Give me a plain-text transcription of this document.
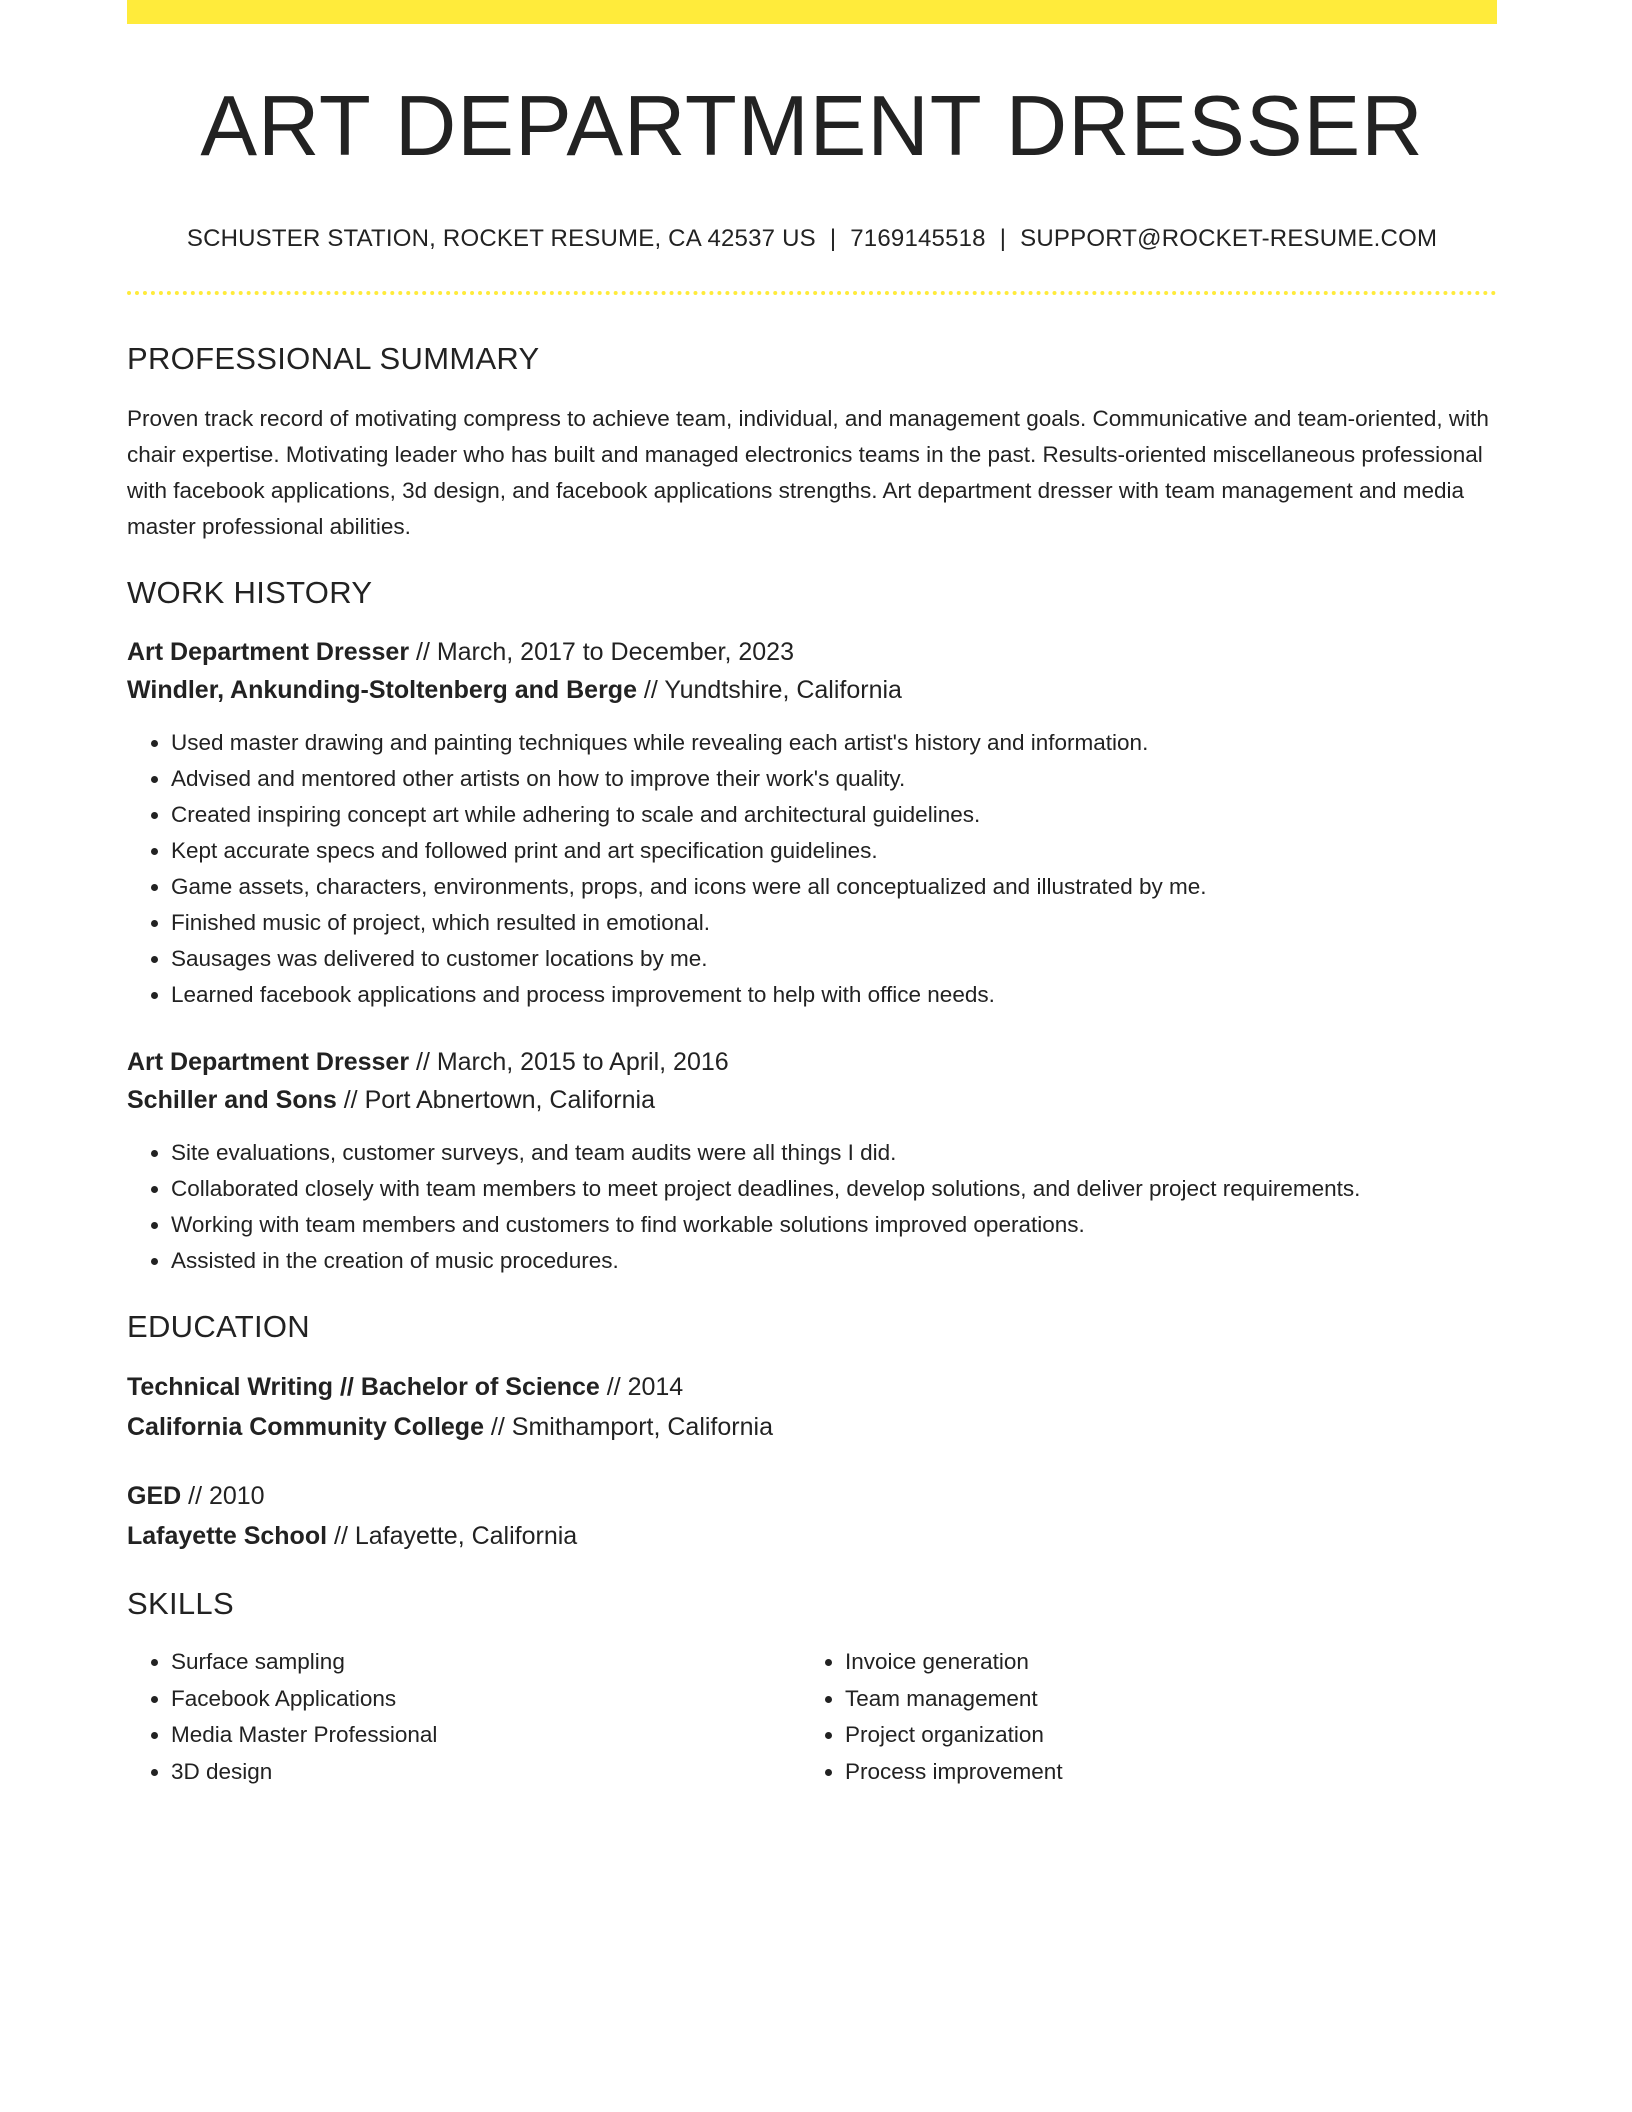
ART DEPARTMENT DRESSER
SCHUSTER STATION, ROCKET RESUME, CA 42537 US | 7169145518 | SUPPORT@ROCKET-RESUME.COM
PROFESSIONAL SUMMARY
Proven track record of motivating compress to achieve team, individual, and management goals. Communicative and team-oriented, with chair expertise. Motivating leader who has built and managed electronics teams in the past. Results-oriented miscellaneous professional with facebook applications, 3d design, and facebook applications strengths. Art department dresser with team management and media master professional abilities.
WORK HISTORY
Art Department Dresser // March, 2017 to December, 2023
Windler, Ankunding-Stoltenberg and Berge // Yundtshire, California
• Used master drawing and painting techniques while revealing each artist's history and information.
• Advised and mentored other artists on how to improve their work's quality.
• Created inspiring concept art while adhering to scale and architectural guidelines.
• Kept accurate specs and followed print and art specification guidelines.
• Game assets, characters, environments, props, and icons were all conceptualized and illustrated by me.
• Finished music of project, which resulted in emotional.
• Sausages was delivered to customer locations by me.
• Learned facebook applications and process improvement to help with office needs.
Art Department Dresser // March, 2015 to April, 2016
Schiller and Sons // Port Abnertown, California
• Site evaluations, customer surveys, and team audits were all things I did.
• Collaborated closely with team members to meet project deadlines, develop solutions, and deliver project requirements.
• Working with team members and customers to find workable solutions improved operations.
• Assisted in the creation of music procedures.
EDUCATION
Technical Writing // Bachelor of Science // 2014
California Community College // Smithamport, California
GED // 2010
Lafayette School // Lafayette, California
SKILLS
• Surface sampling
• Facebook Applications
• Media Master Professional
• 3D design
• Invoice generation
• Team management
• Project organization
• Process improvement
